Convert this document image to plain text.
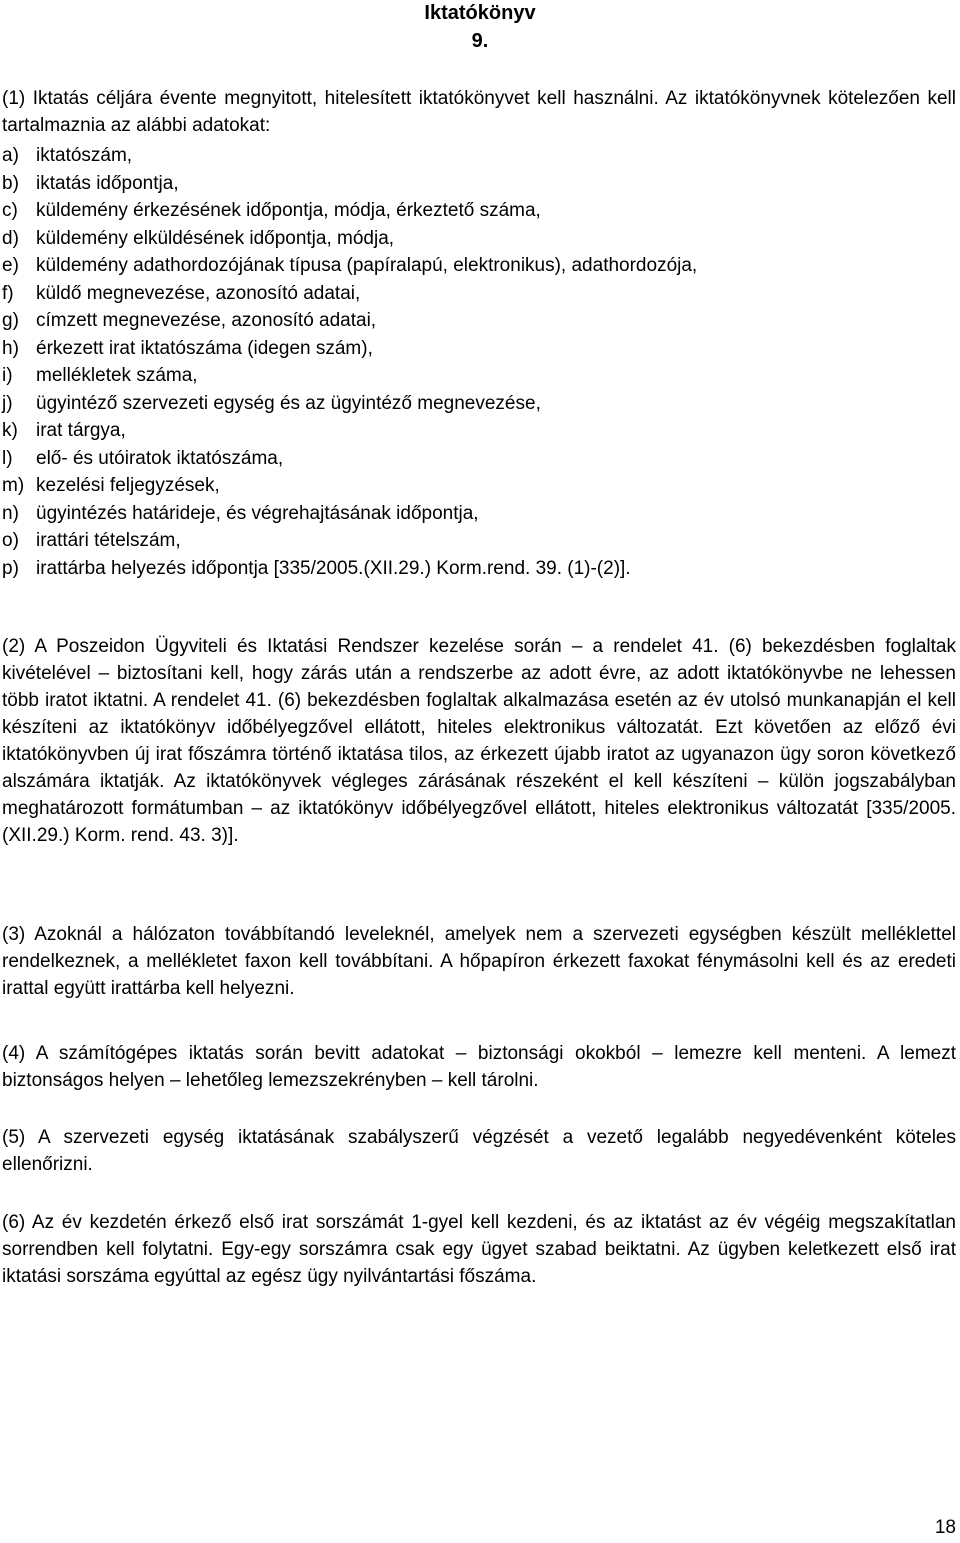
Iktatókönyv
9.

(1) Iktatás céljára évente megnyitott, hitelesített iktatókönyvet kell használni. Az iktatókönyvnek kötelezően kell tartalmaznia az alábbi adatokat:

a) iktatószám,
b) iktatás időpontja,
c) küldemény érkezésének időpontja, módja, érkeztető száma,
d) küldemény elküldésének időpontja, módja,
e) küldemény adathordozójának típusa (papíralapú, elektronikus), adathordozója,
f) küldő megnevezése, azonosító adatai,
g) címzett megnevezése, azonosító adatai,
h) érkezett irat iktatószáma (idegen szám),
i) mellékletek száma,
j) ügyintéző szervezeti egység és az ügyintéző megnevezése,
k) irat tárgya,
l) elő- és utóiratok iktatószáma,
m) kezelési feljegyzések,
n) ügyintézés határideje, és végrehajtásának időpontja,
o) irattári tételszám,
p) irattárba helyezés időpontja [335/2005.(XII.29.) Korm.rend. 39. (1)-(2)].

(2) A Poszeidon Ügyviteli és Iktatási Rendszer kezelése során – a rendelet 41. (6) bekezdésben foglaltak kivételével – biztosítani kell, hogy zárás után a rendszerbe az adott évre, az adott iktatókönyvbe ne lehessen több iratot iktatni. A rendelet 41. (6) bekezdésben foglaltak alkalmazása esetén az év utolsó munkanapján el kell készíteni az iktatókönyv időbélyegzővel ellátott, hiteles elektronikus változatát. Ezt követően az előző évi iktatókönyvben új irat főszámra történő iktatása tilos, az érkezett újabb iratot az ugyanazon ügy soron következő alszámára iktatják. Az iktatókönyvek végleges zárásának részeként el kell készíteni – külön jogszabályban meghatározott formátumban – az iktatókönyv időbélyegzővel ellátott, hiteles elektronikus változatát [335/2005.(XII.29.) Korm. rend. 43. 3)].

(3) Azoknál a hálózaton továbbítandó leveleknél, amelyek nem a szervezeti egységben készült melléklettel rendelkeznek, a mellékletet faxon kell továbbítani. A hőpapíron érkezett faxokat fénymásolni kell és az eredeti irattal együtt irattárba kell helyezni.

(4) A számítógépes iktatás során bevitt adatokat – biztonsági okokból – lemezre kell menteni. A lemezt biztonságos helyen – lehetőleg lemezszekrényben – kell tárolni.

(5) A szervezeti egység iktatásának szabályszerű végzését a vezető legalább negyedévenként köteles ellenőrizni.

(6) Az év kezdetén érkező első irat sorszámát 1-gyel kell kezdeni, és az iktatást az év végéig megszakítatlan sorrendben kell folytatni. Egy-egy sorszámra csak egy ügyet szabad beiktatni. Az ügyben keletkezett első irat iktatási sorszáma egyúttal az egész ügy nyilvántartási főszáma.

18
